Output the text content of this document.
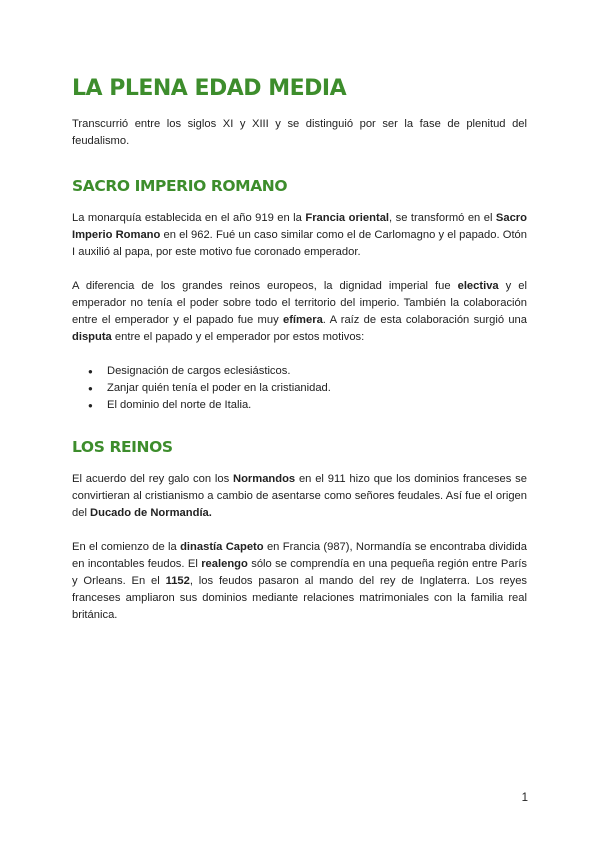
LA PLENA EDAD MEDIA

Transcurrió entre los siglos XI y XIII y se distinguió por ser la fase de plenitud del feudalismo.

SACRO IMPERIO ROMANO

La monarquía establecida en el año 919 en la Francia oriental, se transformó en el Sacro Imperio Romano en el 962. Fué un caso similar como el de Carlomagno y el papado. Otón I auxilió al papa, por este motivo fue coronado emperador.

A diferencia de los grandes reinos europeos, la dignidad imperial fue electiva y el emperador no tenía el poder sobre todo el territorio del imperio. También la colaboración entre el emperador y el papado fue muy efímera. A raíz de esta colaboración surgió una disputa entre el papado y el emperador por estos motivos:

● Designación de cargos eclesiásticos.
● Zanjar quién tenía el poder en la cristianidad.
● El dominio del norte de Italia.
LOS REINOS

El acuerdo del rey galo con los Normandos en el 911 hizo que los dominios franceses se convirtieran al cristianismo a cambio de asentarse como señores feudales. Así fue el origen del Ducado de Normandía.

En el comienzo de la dinastía Capeto en Francia (987), Normandía se encontraba dividida en incontables feudos. El realengo sólo se comprendía en una pequeña región entre París y Orleans. En el 1152, los feudos pasaron al mando del rey de Inglaterra. Los reyes franceses ampliaron sus dominios mediante relaciones matrimoniales con la familia real británica.

1
